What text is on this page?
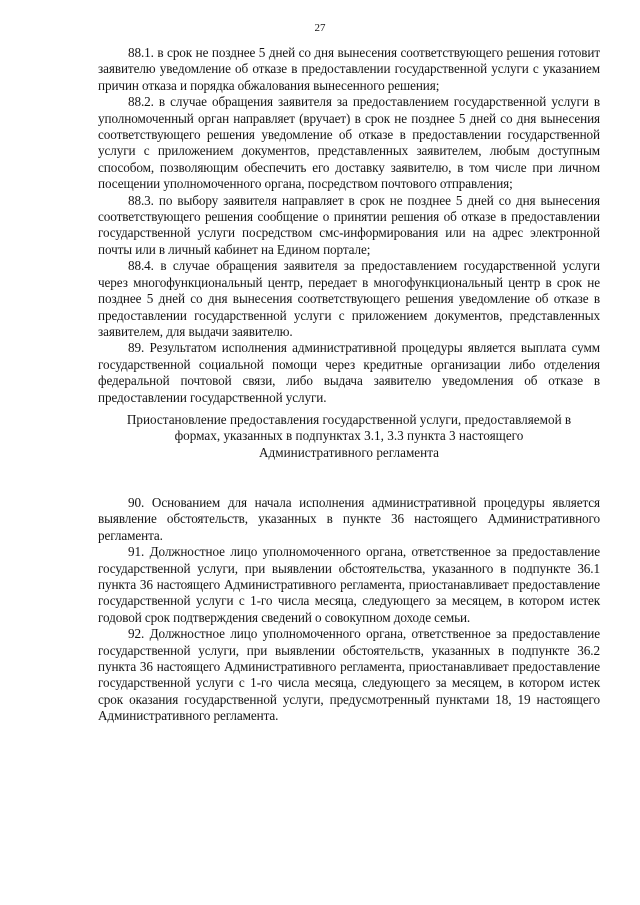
27

88.1. в срок не позднее 5 дней со дня вынесения соответствующего решения готовит заявителю уведомление об отказе в предоставлении государственной услуги с указанием причин отказа и порядка обжалования вынесенного решения;

88.2. в случае обращения заявителя за предоставлением государственной услуги в уполномоченный орган направляет (вручает) в срок не позднее 5 дней со дня вынесения соответствующего решения уведомление об отказе в предоставлении государственной услуги с приложением документов, представленных заявителем, любым доступным способом, позволяющим обеспечить его доставку заявителю, в том числе при личном посещении уполномоченного органа, посредством почтового отправления;

88.3. по выбору заявителя направляет в срок не позднее 5 дней со дня вынесения соответствующего решения сообщение о принятии решения об отказе в предоставлении государственной услуги посредством смс-информирования или на адрес электронной почты или в личный кабинет на Едином портале;

88.4. в случае обращения заявителя за предоставлением государственной услуги через многофункциональный центр, передает в многофункциональный центр в срок не позднее 5 дней со дня вынесения соответствующего решения уведомление об отказе в предоставлении государственной услуги с приложением документов, представленных заявителем, для выдачи заявителю.

89. Результатом исполнения административной процедуры является выплата сумм государственной социальной помощи через кредитные организации либо отделения федеральной почтовой связи, либо выдача заявителю уведомления об отказе в предоставлении государственной услуги.

Приостановление предоставления государственной услуги, предоставляемой в
формах, указанных в подпунктах 3.1, 3.3 пункта 3 настоящего
Административного регламента

90. Основанием для начала исполнения административной процедуры является выявление обстоятельств, указанных в пункте 36 настоящего Административного регламента.

91. Должностное лицо уполномоченного органа, ответственное за предоставление государственной услуги, при выявлении обстоятельства, указанного в подпункте 36.1 пункта 36 настоящего Административного регламента, приостанавливает предоставление государственной услуги с 1-го числа месяца, следующего за месяцем, в котором истек годовой срок подтверждения сведений о совокупном доходе семьи.

92. Должностное лицо уполномоченного органа, ответственное за предоставление государственной услуги, при выявлении обстоятельств, указанных в подпункте 36.2 пункта 36 настоящего Административного регламента, приостанавливает предоставление государственной услуги с 1-го числа месяца, следующего за месяцем, в котором истек срок оказания государственной услуги, предусмотренный пунктами 18, 19 настоящего Административного регламента.
